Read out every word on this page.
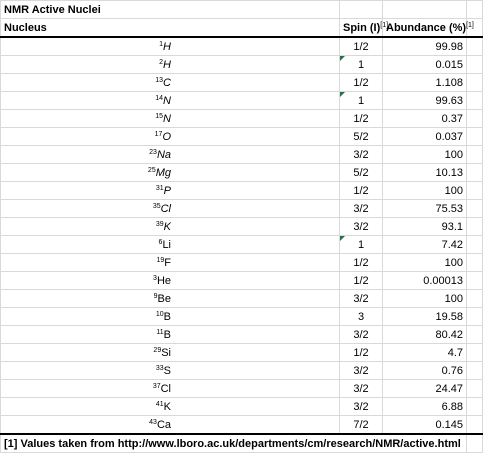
NMR Active Nuclei			
Nucleus	Spin (I)[1]	Abundance (%)[1]	
$^1$H	1/2	99.98	
$^2$H	1	0.015	
$^{13}$C	1/2	1.108	
$^{14}$N	1	99.63	
$^{15}$N	1/2	0.37	
$^{17}$O	5/2	0.037	
$^{23}$Na	3/2	100	
$^{25}$Mg	5/2	10.13	
$^{31}$P	1/2	100	
$^{35}$Cl	3/2	75.53	
$^{39}$K	3/2	93.1	
$^6$Li	1	7.42	
$^{19}$F	1/2	100	
$^3$He	1/2	0.00013	
$^9$Be	3/2	100	
$^{10}$B	3	19.58	
$^{11}$B	3/2	80.42	
$^{29}$Si	1/2	4.7	
$^{33}$S	3/2	0.76	
$^{37}$Cl	3/2	24.47	
$^{41}$K	3/2	6.88	
$^{43}$Ca	7/2	0.145	
[1] Values taken from http://www.lboro.ac.uk/departments/cm/research/NMR/active.html			
